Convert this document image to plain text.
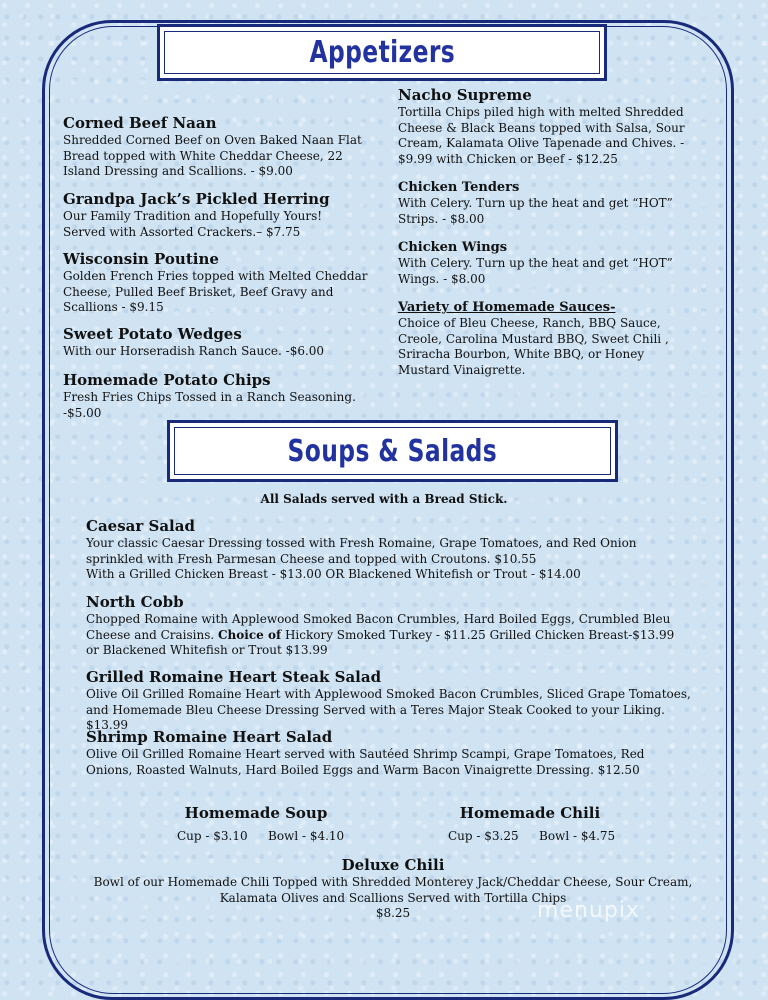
Appetizers
Corned Beef Naan
Shredded Corned Beef on Oven Baked Naan Flat Bread topped with White Cheddar Cheese, 22 Island Dressing and Scallions. - $9.00
Grandpa Jack’s Pickled Herring
Our Family Tradition and Hopefully Yours!
Served with Assorted Crackers.– $7.75
Wisconsin Poutine
Golden French Fries topped with Melted Cheddar Cheese, Pulled Beef Brisket, Beef Gravy and Scallions - $9.15
Sweet Potato Wedges
With our Horseradish Ranch Sauce. -$6.00
Homemade Potato Chips
Fresh Fries Chips Tossed in a Ranch Seasoning. -$5.00
Nacho Supreme
Tortilla Chips piled high with melted Shredded Cheese & Black Beans topped with Salsa, Sour Cream, Kalamata Olive Tapenade and Chives. - $9.99 with Chicken or Beef - $12.25
Chicken Tenders
With Celery. Turn up the heat and get “HOT” Strips. - $8.00
Chicken Wings
With Celery. Turn up the heat and get “HOT” Wings. - $8.00
Variety of Homemade Sauces-
Choice of Bleu Cheese, Ranch, BBQ Sauce, Creole, Carolina Mustard BBQ, Sweet Chili , Sriracha Bourbon, White BBQ, or Honey Mustard Vinaigrette.
Soups & Salads
All Salads served with a Bread Stick.
Caesar Salad
Your classic Caesar Dressing tossed with Fresh Romaine, Grape Tomatoes, and Red Onion sprinkled with Fresh Parmesan Cheese and topped with Croutons. $10.55
With a Grilled Chicken Breast - $13.00 OR Blackened Whitefish or Trout - $14.00
North Cobb
Chopped Romaine with Applewood Smoked Bacon Crumbles, Hard Boiled Eggs, Crumbled Bleu Cheese and Craisins. Choice of Hickory Smoked Turkey - $11.25 Grilled Chicken Breast-$13.99 or Blackened Whitefish or Trout $13.99
Grilled Romaine Heart Steak Salad
Olive Oil Grilled Romaine Heart with Applewood Smoked Bacon Crumbles, Sliced Grape Tomatoes, and Homemade Bleu Cheese Dressing Served with a Teres Major Steak Cooked to your Liking. $13.99
Shrimp Romaine Heart Salad
Olive Oil Grilled Romaine Heart served with Sautéed Shrimp Scampi, Grape Tomatoes, Red Onions, Roasted Walnuts, Hard Boiled Eggs and Warm Bacon Vinaigrette Dressing. $12.50
Homemade Soup
Cup - $3.10 Bowl - $4.10
Homemade Chili
Cup - $3.25 Bowl - $4.75
Deluxe Chili
Bowl of our Homemade Chili Topped with Shredded Monterey Jack/Cheddar Cheese, Sour Cream, Kalamata Olives and Scallions Served with Tortilla Chips
$8.25	menupix
